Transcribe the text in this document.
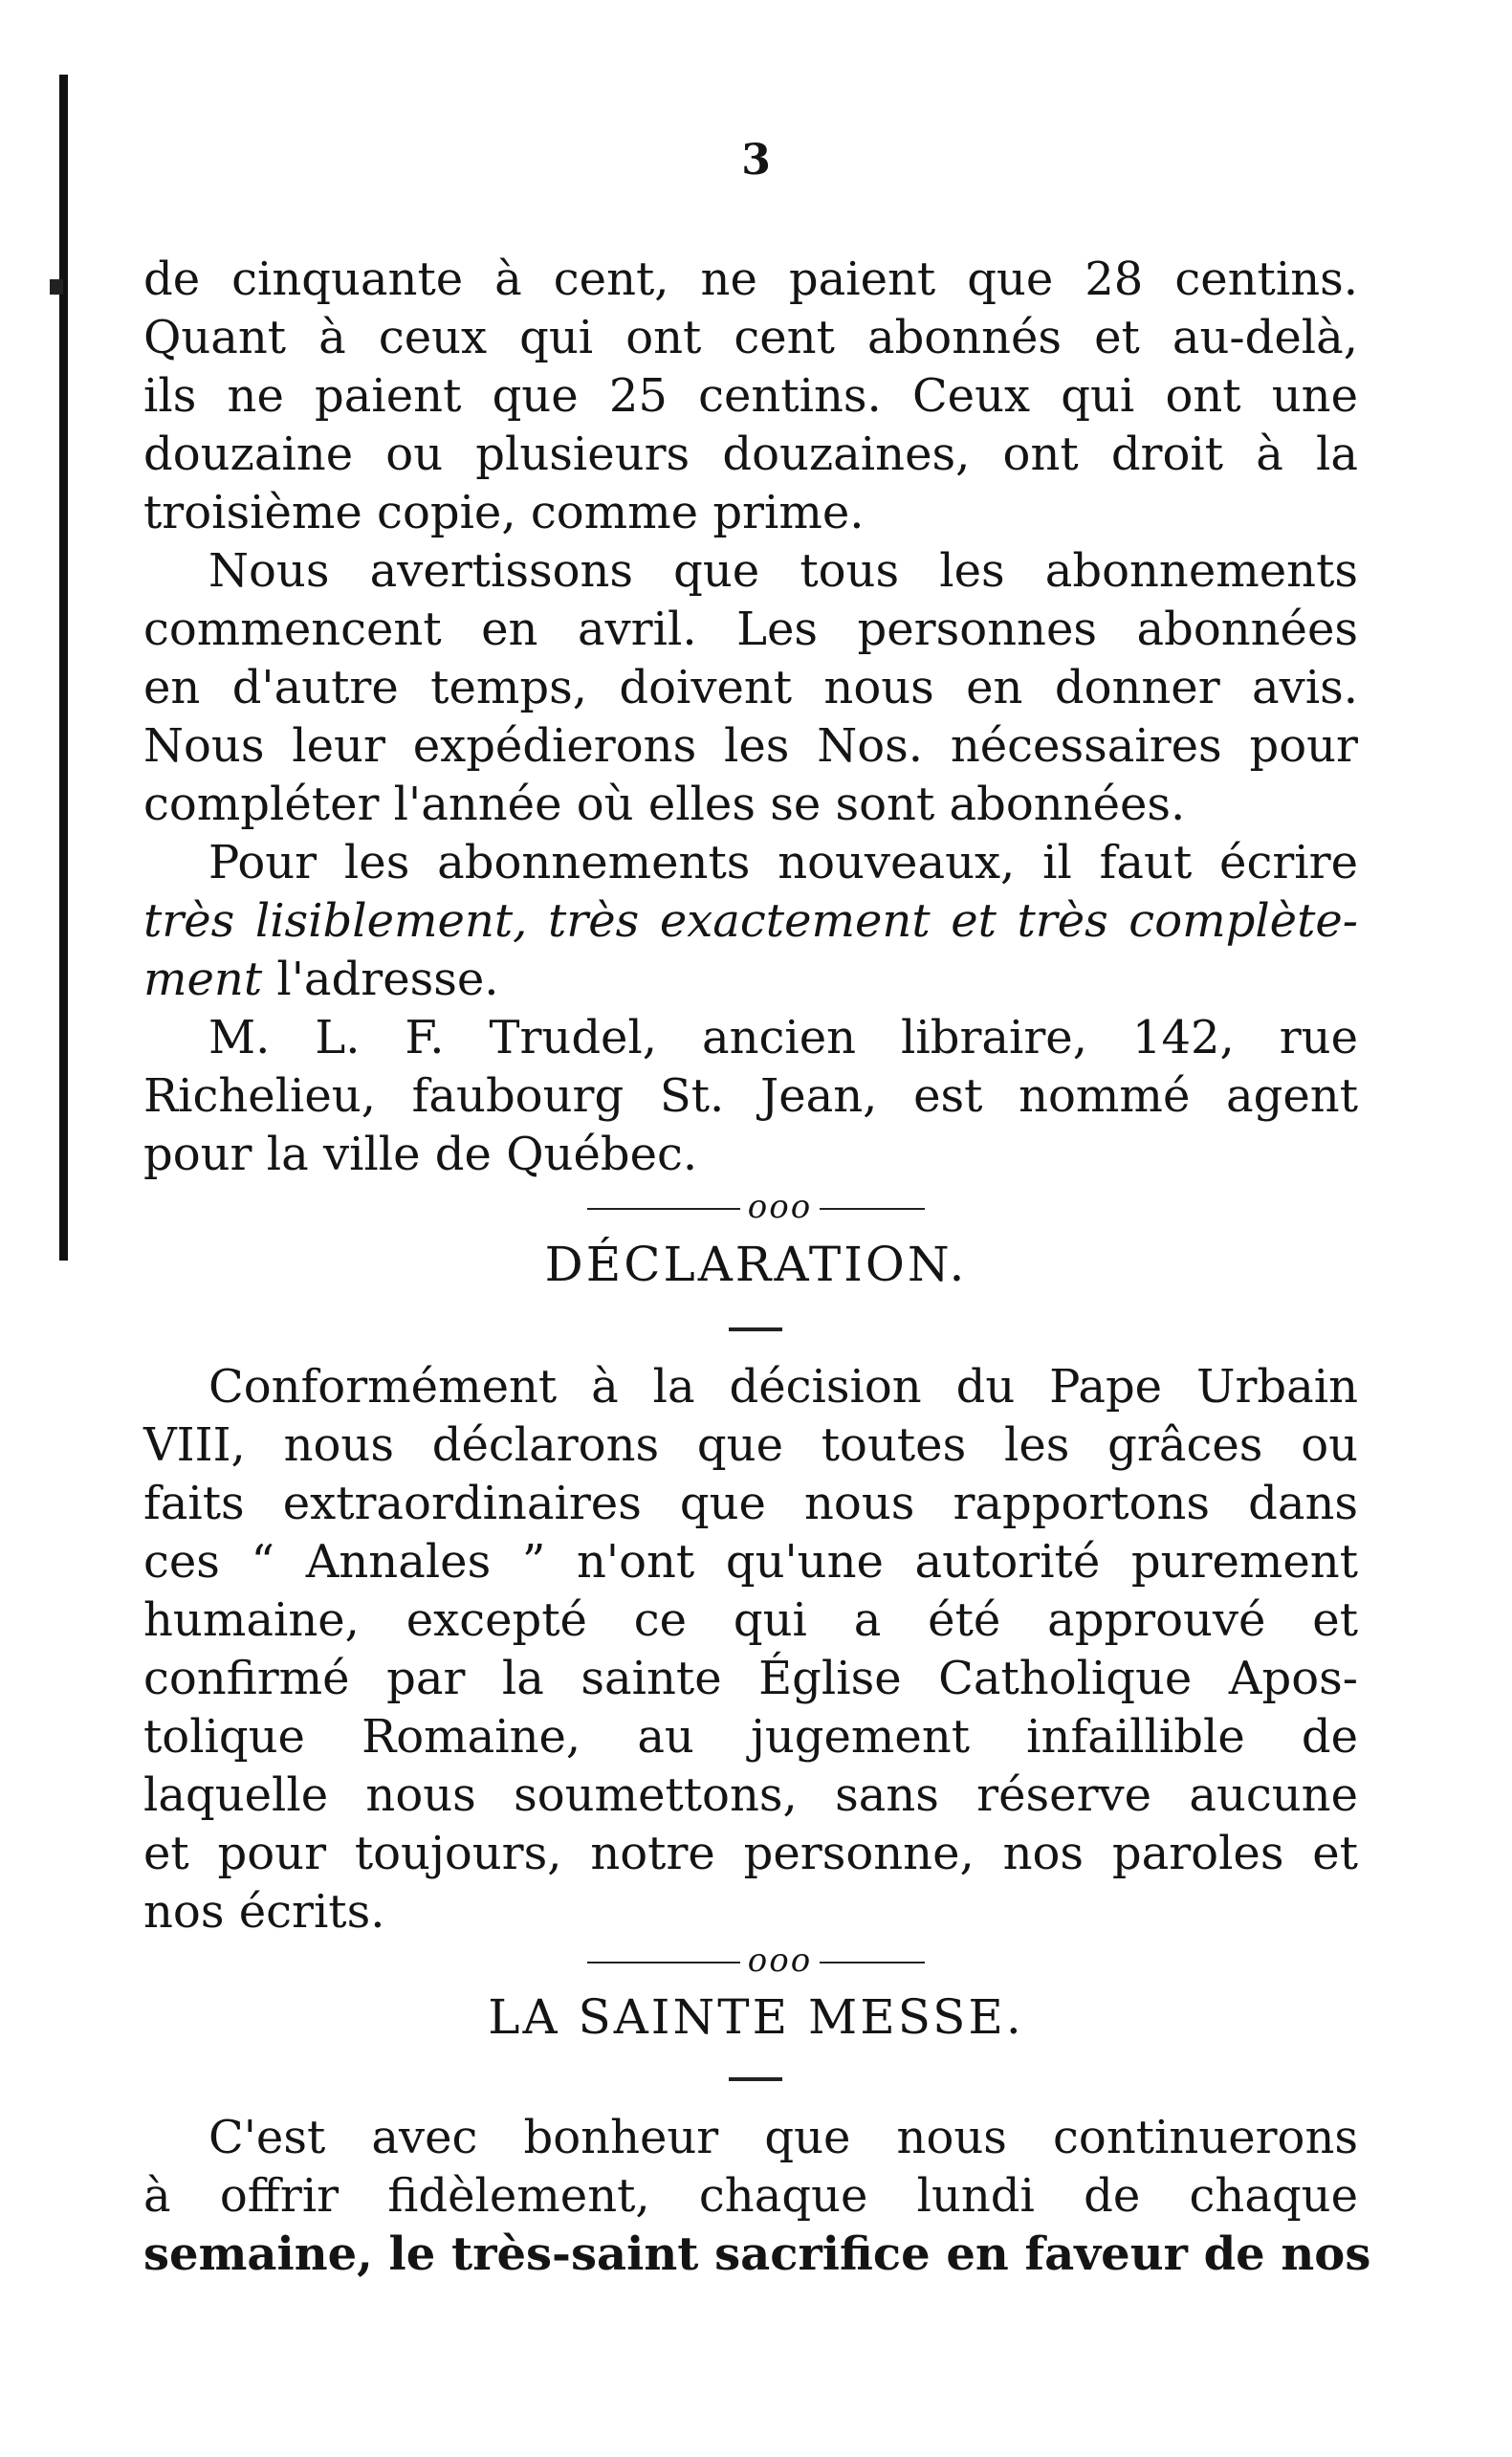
3
de cinquante à cent, ne paient que 28 centins.
Quant à ceux qui ont cent abonnés et au-delà,
ils ne paient que 25 centins. Ceux qui ont une
douzaine ou plusieurs douzaines, ont droit à la
troisième copie, comme prime.
Nous avertissons que tous les abonnements
commencent en avril. Les personnes abonnées
en d'autre temps, doivent nous en donner avis.
Nous leur expédierons les Nos. nécessaires pour
compléter l'année où elles se sont abonnées.
Pour les abonnements nouveaux, il faut écrire
très lisiblement, très exactement et très complète-
ment l'adresse.
M. L. F. Trudel, ancien libraire, 142, rue
Richelieu, faubourg St. Jean, est nommé agent
pour la ville de Québec.
ooo
DÉCLARATION.
Conformément à la décision du Pape Urbain
VIII, nous déclarons que toutes les grâces ou
faits extraordinaires que nous rapportons dans
ces “ Annales ” n'ont qu'une autorité purement
humaine, excepté ce qui a été approuvé et
confirmé par la sainte Église Catholique Apos-
tolique Romaine, au jugement infaillible de
laquelle nous soumettons, sans réserve aucune
et pour toujours, notre personne, nos paroles et
nos écrits.
ooo
LA SAINTE MESSE.
C'est avec bonheur que nous continuerons
à offrir fidèlement, chaque lundi de chaque
semaine, le très-saint sacrifice en faveur de nos
